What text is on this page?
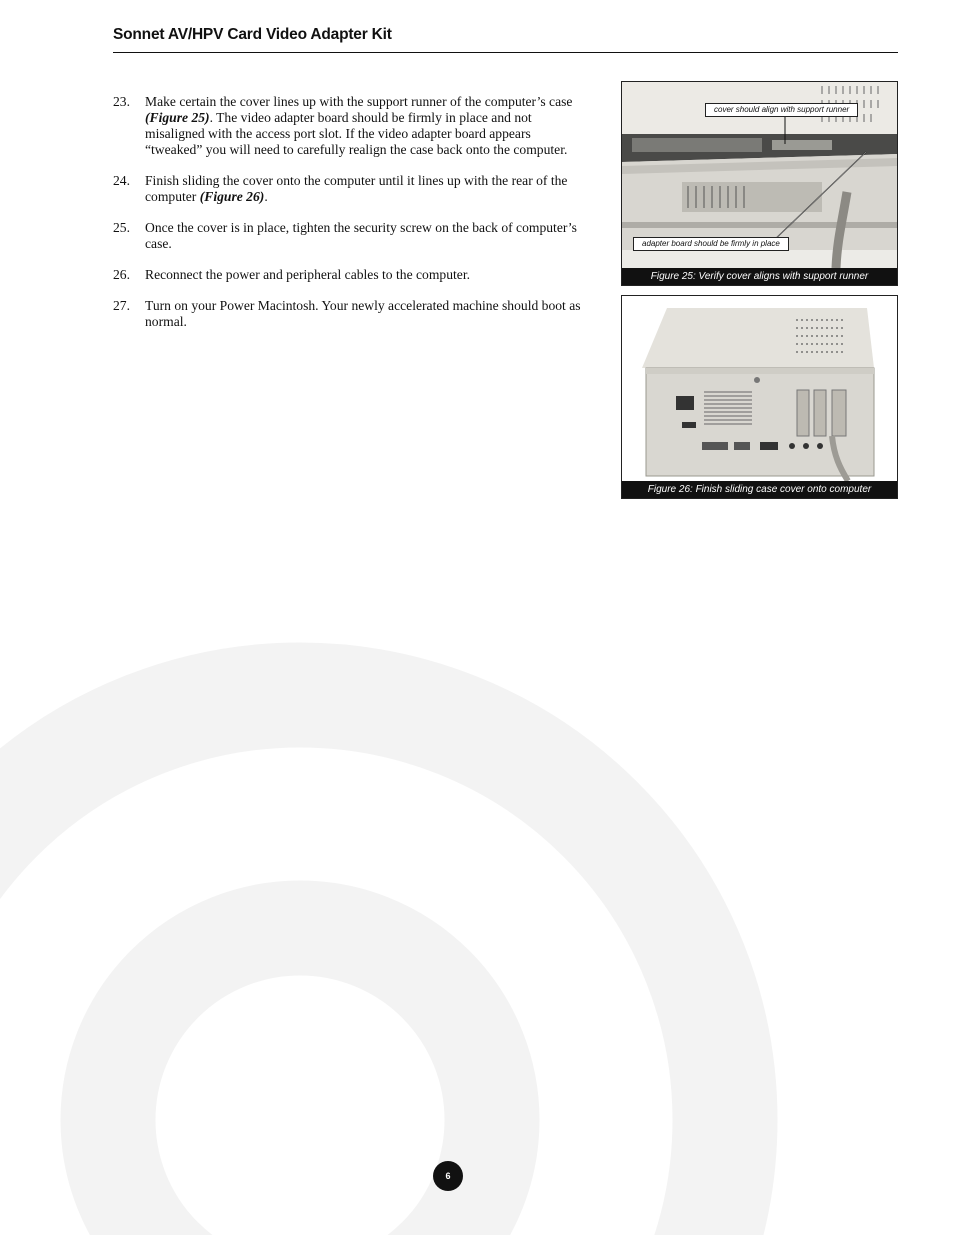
Sonnet AV/HPV Card Video Adapter Kit
23.	Make certain the cover lines up with the support runner of the computer’s case (Figure 25). The video adapter board should be firmly in place and not misaligned with the access port slot. If the video adapter board appears “tweaked” you will need to carefully realign the case back onto the computer.
24.	Finish sliding the cover onto the computer until it lines up with the rear of the computer (Figure 26).
25.	Once the cover is in place, tighten the security screw on the back of computer’s case.
26.	Reconnect the power and peripheral cables to the computer.
27.	Turn on your Power Macintosh. Your newly accelerated machine should boot as normal.
cover should align with support runner
adapter board should be firmly in place
Figure 25: Verify cover aligns with support runner
Figure 26: Finish sliding case cover onto computer
6
